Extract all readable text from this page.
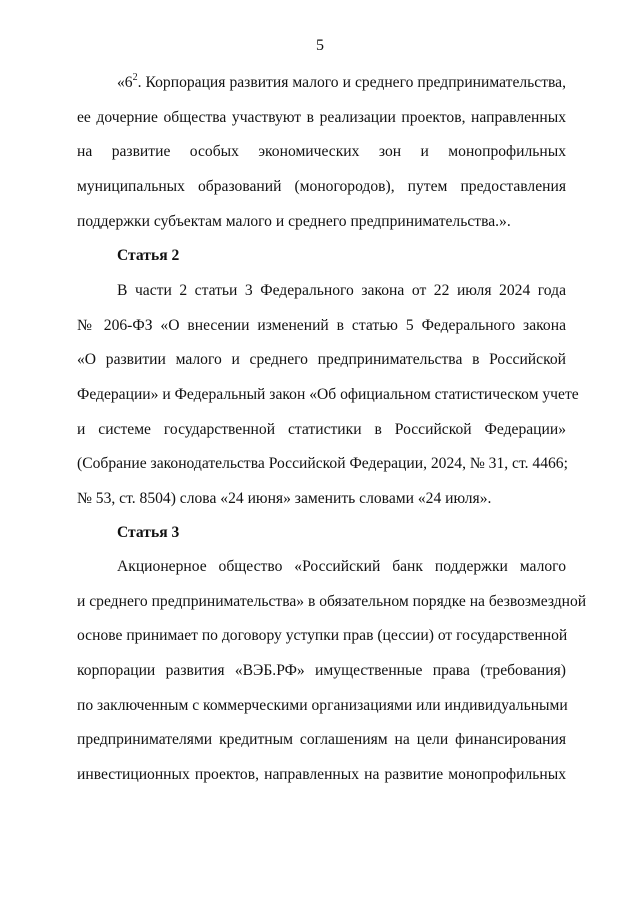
5
«$6^2$. Корпорация развития малого и среднего предпринимательства,
ее дочерние общества участвуют в реализации проектов, направленных
на развитие особых экономических зон и монопрофильных
муниципальных образований (моногородов), путем предоставления
поддержки субъектам малого и среднего предпринимательства.».
Статья 2
В части 2 статьи 3 Федерального закона от 22 июля 2024 года
№ 206-ФЗ «О внесении изменений в статью 5 Федерального закона
«О развитии малого и среднего предпринимательства в Российской
Федерации» и Федеральный закон «Об официальном статистическом учете
и системе государственной статистики в Российской Федерации»
(Собрание законодательства Российской Федерации, 2024, № 31, ст. 4466;
№ 53, ст. 8504) слова «24 июня» заменить словами «24 июля».
Статья 3
Акционерное общество «Российский банк поддержки малого
и среднего предпринимательства» в обязательном порядке на безвозмездной
основе принимает по договору уступки прав (цессии) от государственной
корпорации развития «ВЭБ.РФ» имущественные права (требования)
по заключенным с коммерческими организациями или индивидуальными
предпринимателями кредитным соглашениям на цели финансирования
инвестиционных проектов, направленных на развитие монопрофильных
